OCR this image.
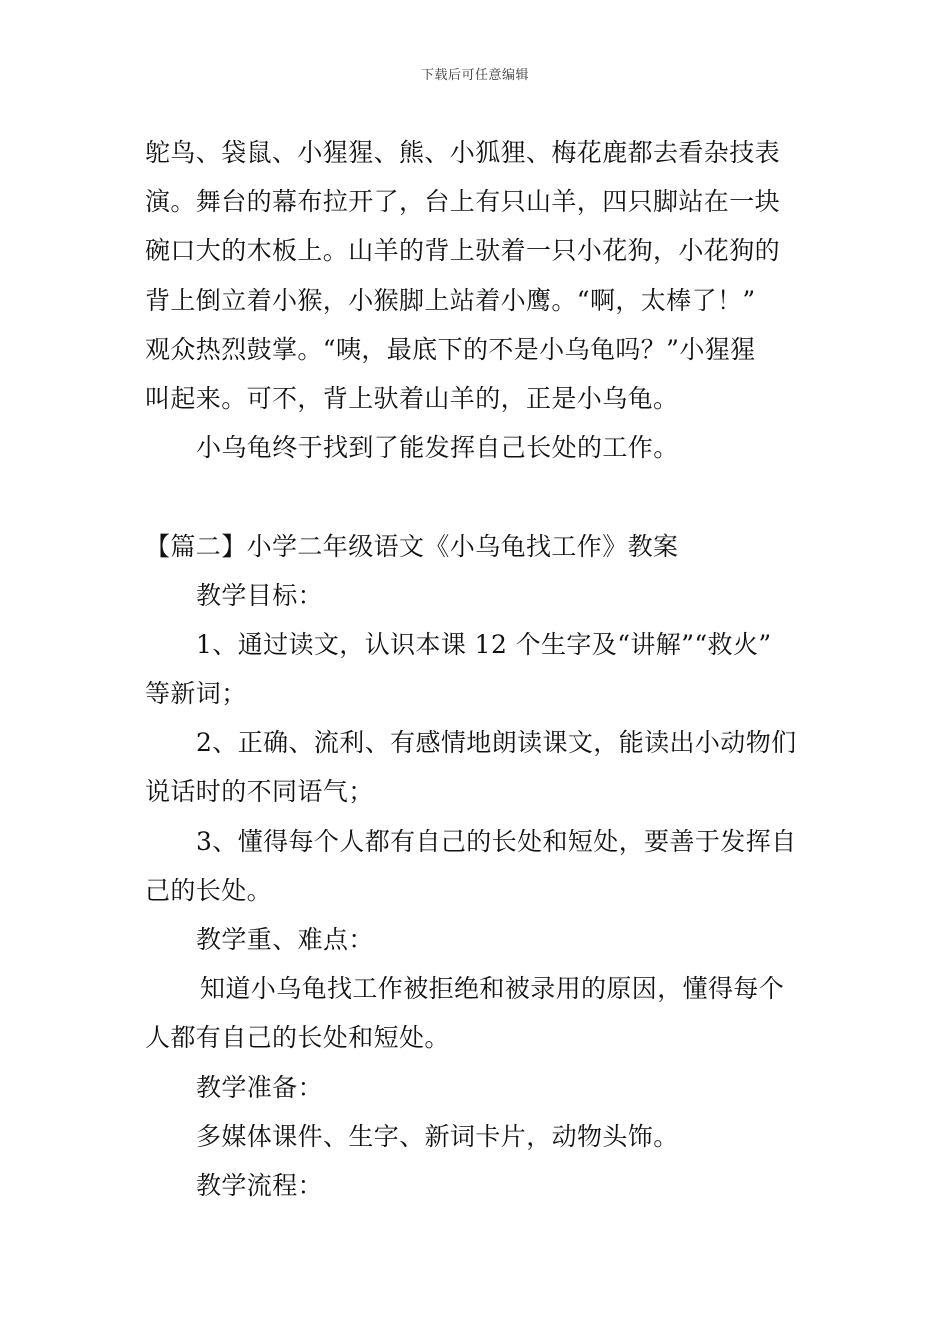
下载后可任意编辑
鸵鸟、袋鼠、小猩猩、熊、小狐狸、梅花鹿都去看杂技表
演。舞台的幕布拉开了，台上有只山羊，四只脚站在一块
碗口大的木板上。山羊的背上驮着一只小花狗，小花狗的
背上倒立着小猴，小猴脚上站着小鹰。“啊，太棒了！”
观众热烈鼓掌。“咦，最底下的不是小乌龟吗？”小猩猩
叫起来。可不，背上驮着山羊的，正是小乌龟。
小乌龟终于找到了能发挥自己长处的工作。
【篇二】小学二年级语文《小乌龟找工作》教案
教学目标：
1、通过读文，认识本课 12 个生字及“讲解”“救火”
等新词；
2、正确、流利、有感情地朗读课文，能读出小动物们
说话时的不同语气；
3、懂得每个人都有自己的长处和短处，要善于发挥自
己的长处。
教学重、难点：
知道小乌龟找工作被拒绝和被录用的原因，懂得每个
人都有自己的长处和短处。
教学准备：
多媒体课件、生字、新词卡片，动物头饰。
教学流程：
